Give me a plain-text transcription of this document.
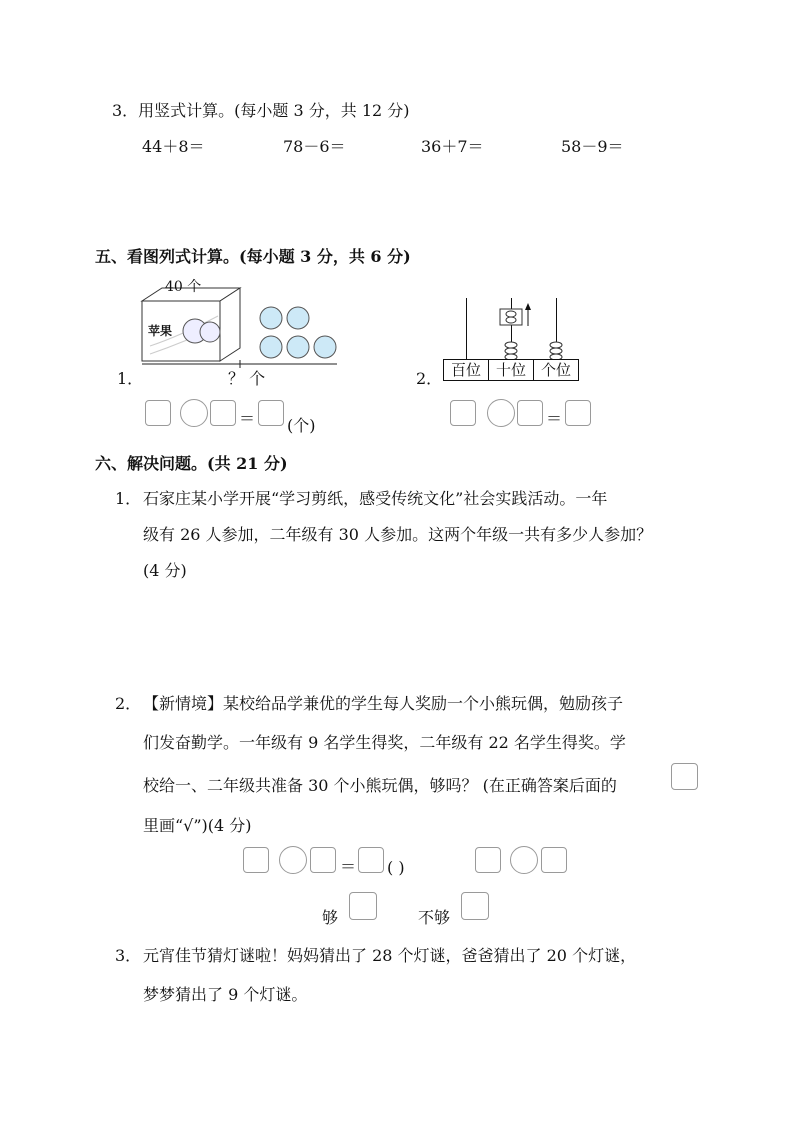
3．用竖式计算。(每小题 3 分，共 12 分)
44＋8＝	78－6＝	36＋7＝	58－9＝
五、看图列式计算。(每小题 3 分，共 6 分)
苹果
40 个
1．	？ 个
＝ (个)
2． 百位 十位 个位
＝
六、解决问题。(共 21 分)
1． 石家庄某小学开展“学习剪纸，感受传统文化”社会实践活动。一年
级有 26 人参加，二年级有 30 人参加。这两个年级一共有多少人参加？
(4 分)
2． 【新情境】某校给品学兼优的学生每人奖励一个小熊玩偶，勉励孩子
们发奋勤学。一年级有 9 名学生得奖，二年级有 22 名学生得奖。学
校给一、二年级共准备 30 个小熊玩偶，够吗？ (在正确答案后面的
里画“√”)(4 分)
＝ ( )
够	不够
3． 元宵佳节猜灯谜啦！妈妈猜出了 28 个灯谜，爸爸猜出了 20 个灯谜，
梦梦猜出了 9 个灯谜。
